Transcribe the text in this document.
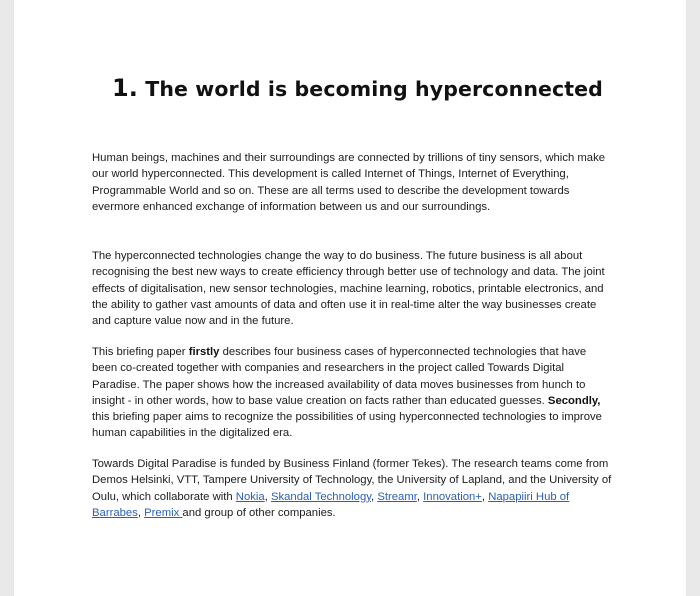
1. The world is becoming hyperconnected

Human beings, machines and their surroundings are connected by trillions of tiny sensors, which make our world hyperconnected. This development is called Internet of Things, Internet of Everything, Programmable World and so on. These are all terms used to describe the development towards evermore enhanced exchange of information between us and our surroundings.

The hyperconnected technologies change the way to do business. The future business is all about recognising the best new ways to create efficiency through better use of technology and data. The joint effects of digitalisation, new sensor technologies, machine learning, robotics, printable electronics, and the ability to gather vast amounts of data and often use it in real-time alter the way businesses create and capture value now and in the future.

This briefing paper firstly describes four business cases of hyperconnected technologies that have been co-created together with companies and researchers in the project called Towards Digital Paradise. The paper shows how the increased availability of data moves businesses from hunch to insight - in other words, how to base value creation on facts rather than educated guesses. Secondly, this briefing paper aims to recognize the possibilities of using hyperconnected technologies to improve human capabilities in the digitalized era.

Towards Digital Paradise is funded by Business Finland (former Tekes). The research teams come from Demos Helsinki, VTT, Tampere University of Technology, the University of Lapland, and the University of Oulu, which collaborate with Nokia, Skandal Technology, Streamr, Innovation+, Napapiiri Hub of Barrabes, Premix and group of other companies.
